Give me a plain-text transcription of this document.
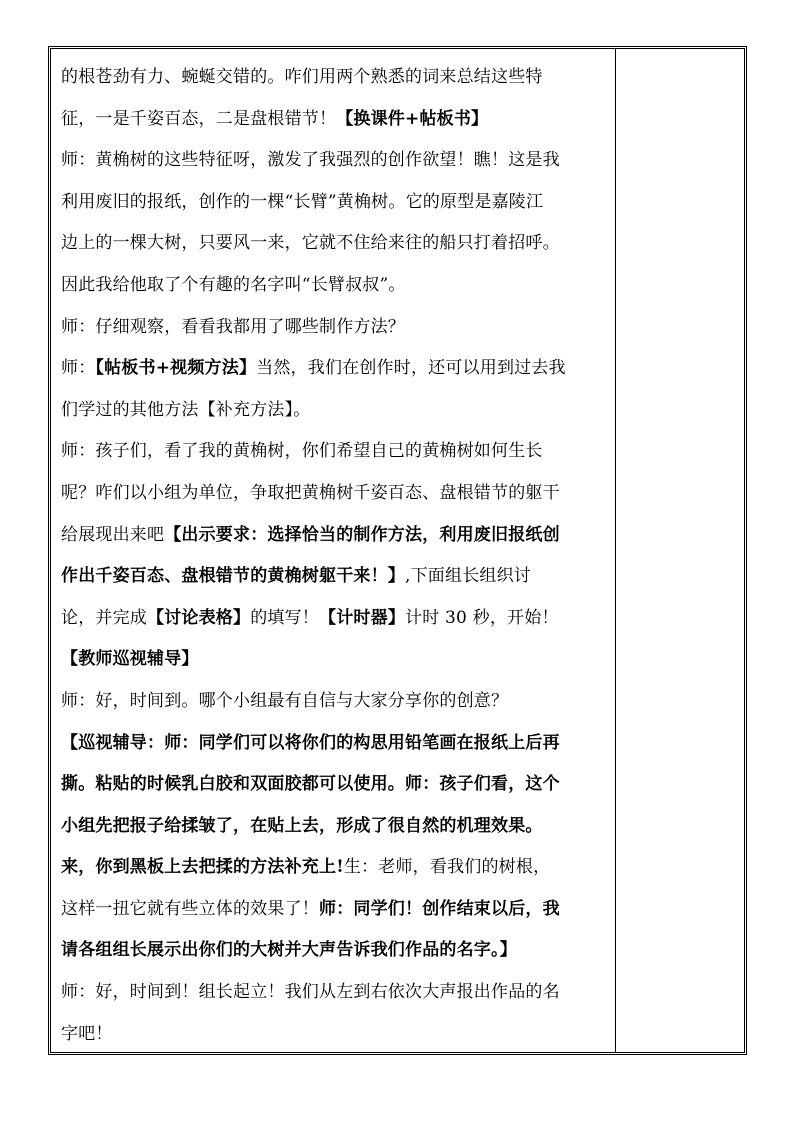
的根苍劲有力、蜿蜒交错的。咋们用两个熟悉的词来总结这些特
征，一是千姿百态，二是盘根错节！【换课件+帖板书】
师：黄桷树的这些特征呀，激发了我强烈的创作欲望！瞧！这是我
利用废旧的报纸，创作的一棵“长臂”黄桷树。它的原型是嘉陵江
边上的一棵大树，只要风一来，它就不住给来往的船只打着招呼。
因此我给他取了个有趣的名字叫“长臂叔叔”。
师：仔细观察，看看我都用了哪些制作方法？
师：【帖板书+视频方法】当然，我们在创作时，还可以用到过去我
们学过的其他方法【补充方法】。
师：孩子们，看了我的黄桷树，你们希望自己的黄桷树如何生长
呢？咋们以小组为单位，争取把黄桷树千姿百态、盘根错节的躯干
给展现出来吧【出示要求：选择恰当的制作方法，利用废旧报纸创
作出千姿百态、盘根错节的黄桷树躯干来！】,下面组长组织讨
论，并完成【讨论表格】的填写！【计时器】计时 30 秒，开始！
【教师巡视辅导】
师：好，时间到。哪个小组最有自信与大家分享你的创意？
【巡视辅导：师：同学们可以将你们的构思用铅笔画在报纸上后再
撕。粘贴的时候乳白胶和双面胶都可以使用。师：孩子们看，这个
小组先把报子给揉皱了，在贴上去，形成了很自然的机理效果。
来，你到黑板上去把揉的方法补充上!生：老师，看我们的树根，
这样一扭它就有些立体的效果了！师：同学们！创作结束以后，我
请各组组长展示出你们的大树并大声告诉我们作品的名字。】
师：好，时间到！组长起立！我们从左到右依次大声报出作品的名
字吧！
